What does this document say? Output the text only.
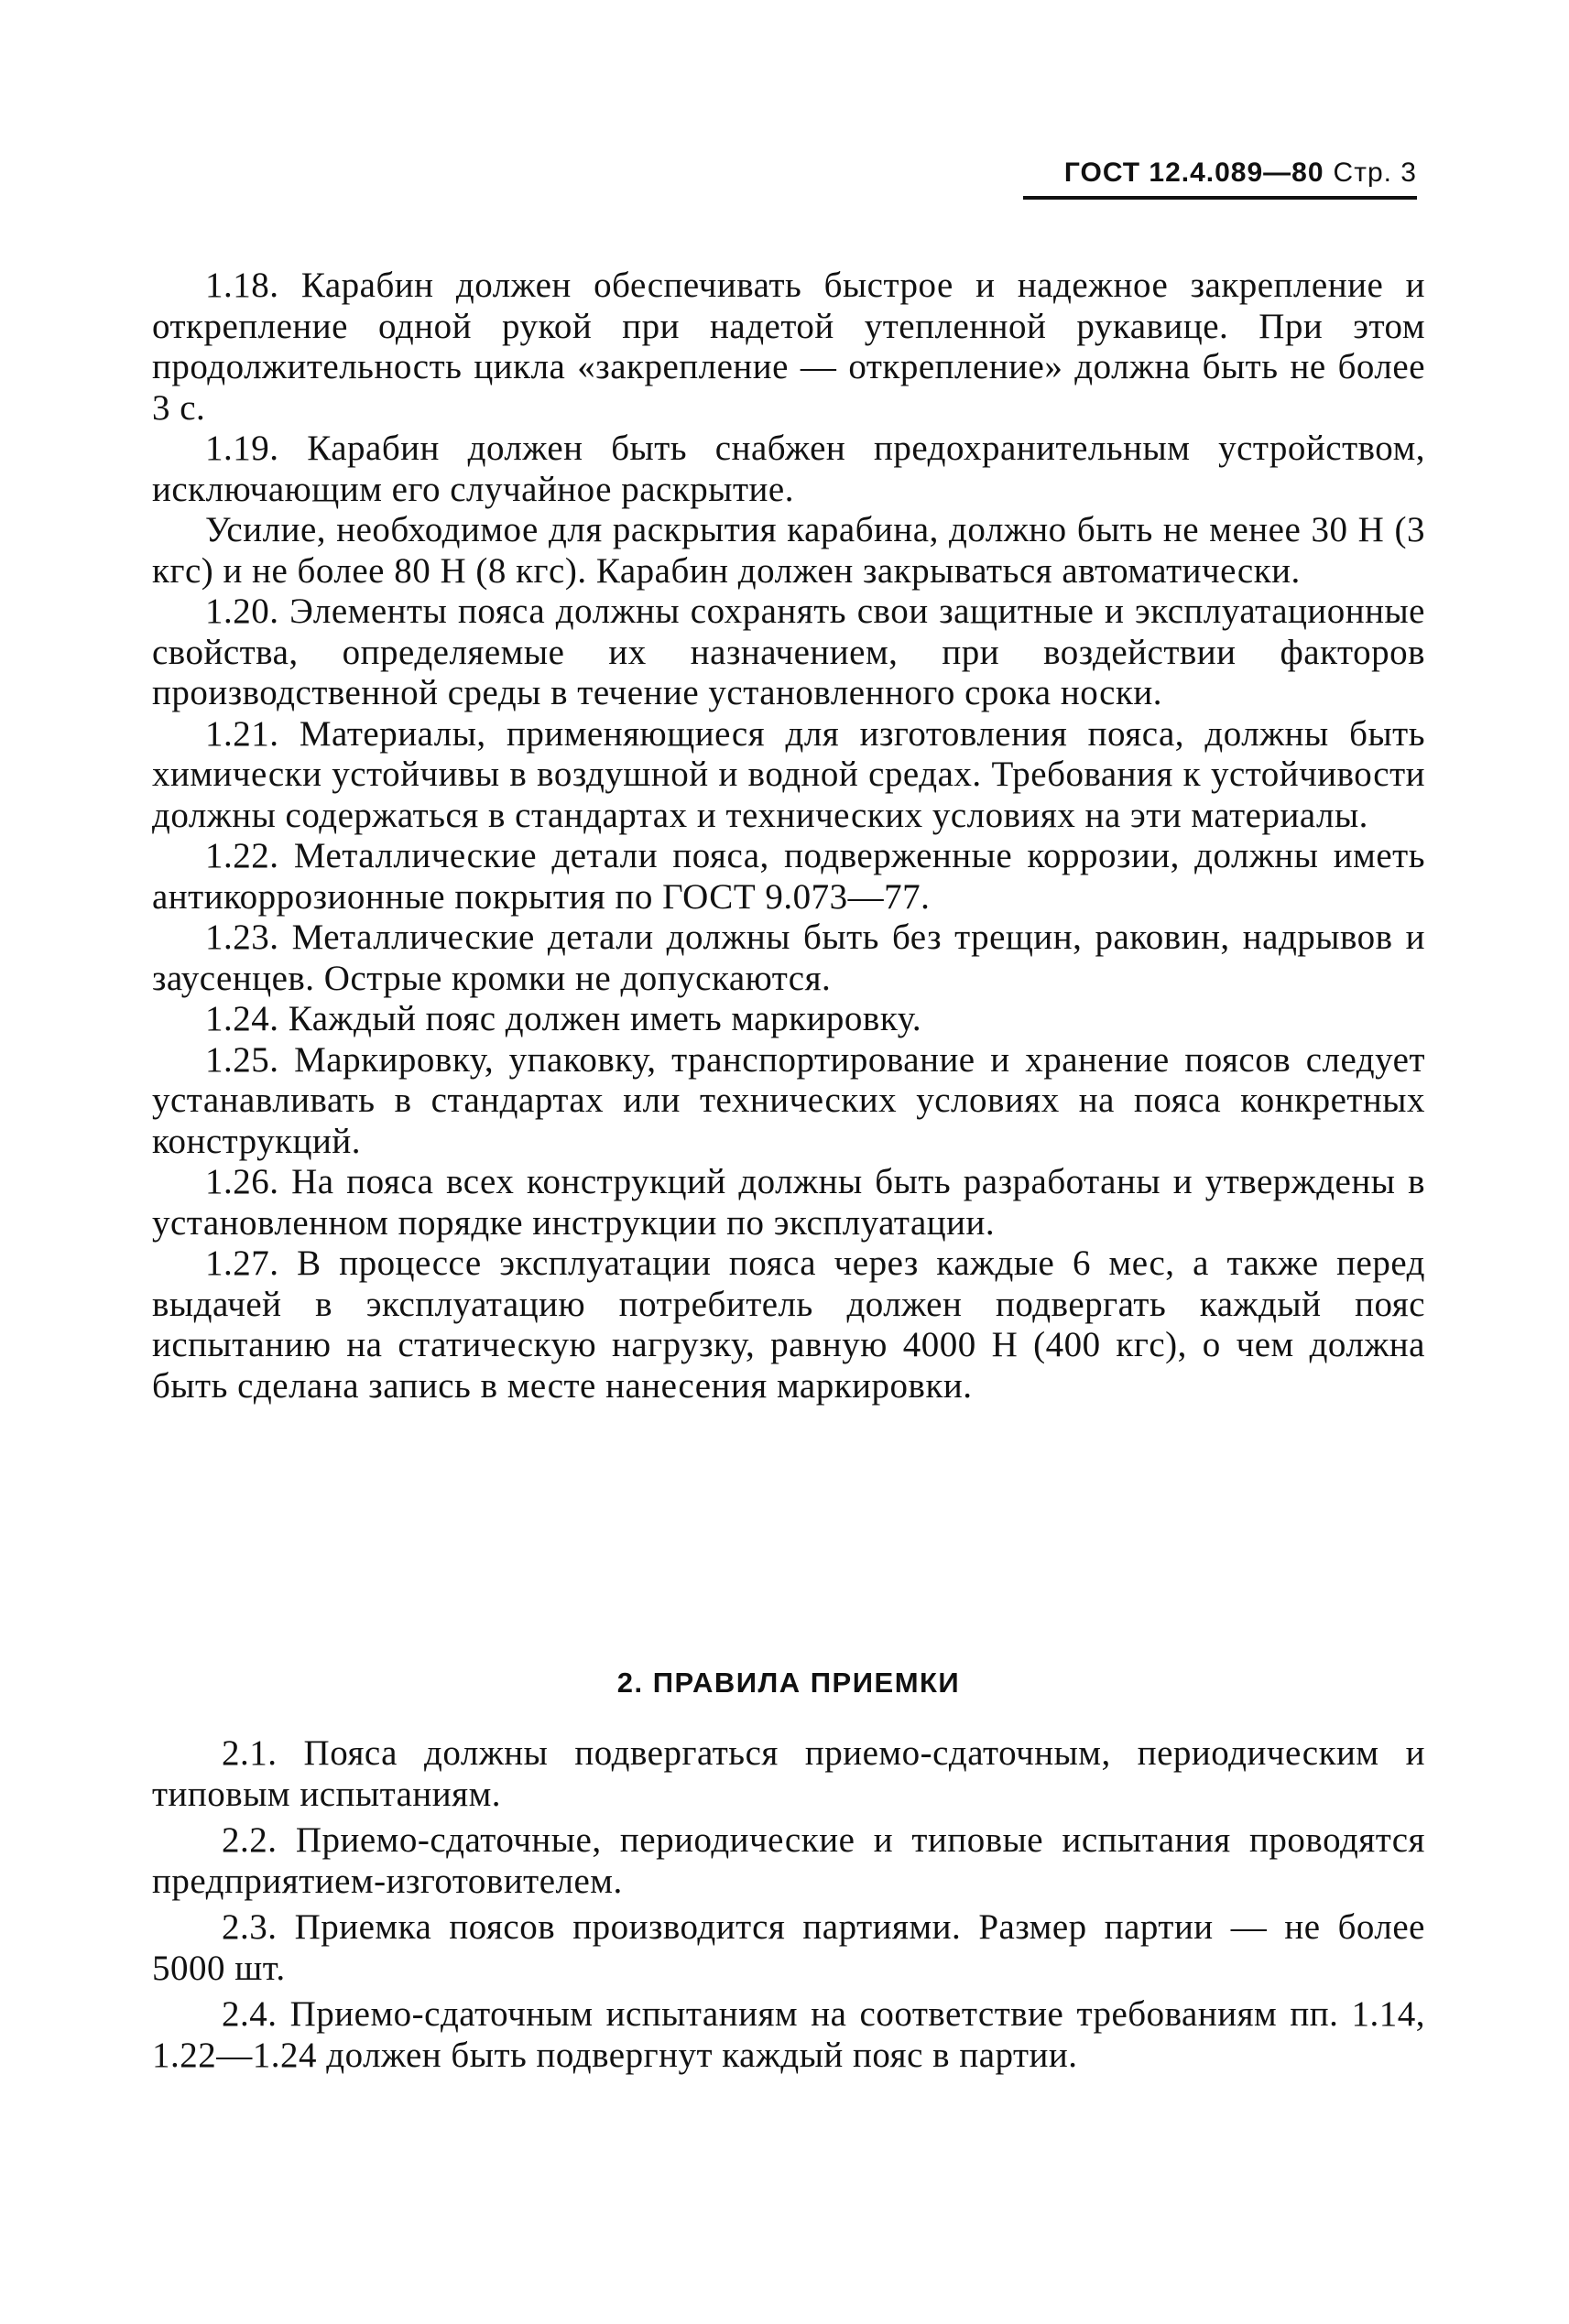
ГОСТ 12.4.089—80 Стр. 3

1.18. Карабин должен обеспечивать быстрое и надежное закрепление и открепление одной рукой при надетой утепленной рукавице. При этом продолжительность цикла «закрепление — открепление» должна быть не более 3 с.

1.19. Карабин должен быть снабжен предохранительным устройством, исключающим его случайное раскрытие.

Усилие, необходимое для раскрытия карабина, должно быть не менее 30 Н (3 кгс) и не более 80 Н (8 кгс). Карабин должен закрываться автоматически.

1.20. Элементы пояса должны сохранять свои защитные и эксплуатационные свойства, определяемые их назначением, при воздействии факторов производственной среды в течение установленного срока носки.

1.21. Материалы, применяющиеся для изготовления пояса, должны быть химически устойчивы в воздушной и водной средах. Требования к устойчивости должны содержаться в стандартах и технических условиях на эти материалы.

1.22. Металлические детали пояса, подверженные коррозии, должны иметь антикоррозионные покрытия по ГОСТ 9.073—77.

1.23. Металлические детали должны быть без трещин, раковин, надрывов и заусенцев. Острые кромки не допускаются.

1.24. Каждый пояс должен иметь маркировку.

1.25. Маркировку, упаковку, транспортирование и хранение поясов следует устанавливать в стандартах или технических условиях на пояса конкретных конструкций.

1.26. На пояса всех конструкций должны быть разработаны и утверждены в установленном порядке инструкции по эксплуатации.

1.27. В процессе эксплуатации пояса через каждые 6 мес, а также перед выдачей в эксплуатацию потребитель должен подвергать каждый пояс испытанию на статическую нагрузку, равную 4000 Н (400 кгс), о чем должна быть сделана запись в месте нанесения маркировки.

2. ПРАВИЛА ПРИЕМКИ

2.1. Пояса должны подвергаться приемо-сдаточным, периодическим и типовым испытаниям.

2.2. Приемо-сдаточные, периодические и типовые испытания проводятся предприятием-изготовителем.

2.3. Приемка поясов производится партиями. Размер партии — не более 5000 шт.

2.4. Приемо-сдаточным испытаниям на соответствие требованиям пп. 1.14, 1.22—1.24 должен быть подвергнут каждый пояс в партии.
